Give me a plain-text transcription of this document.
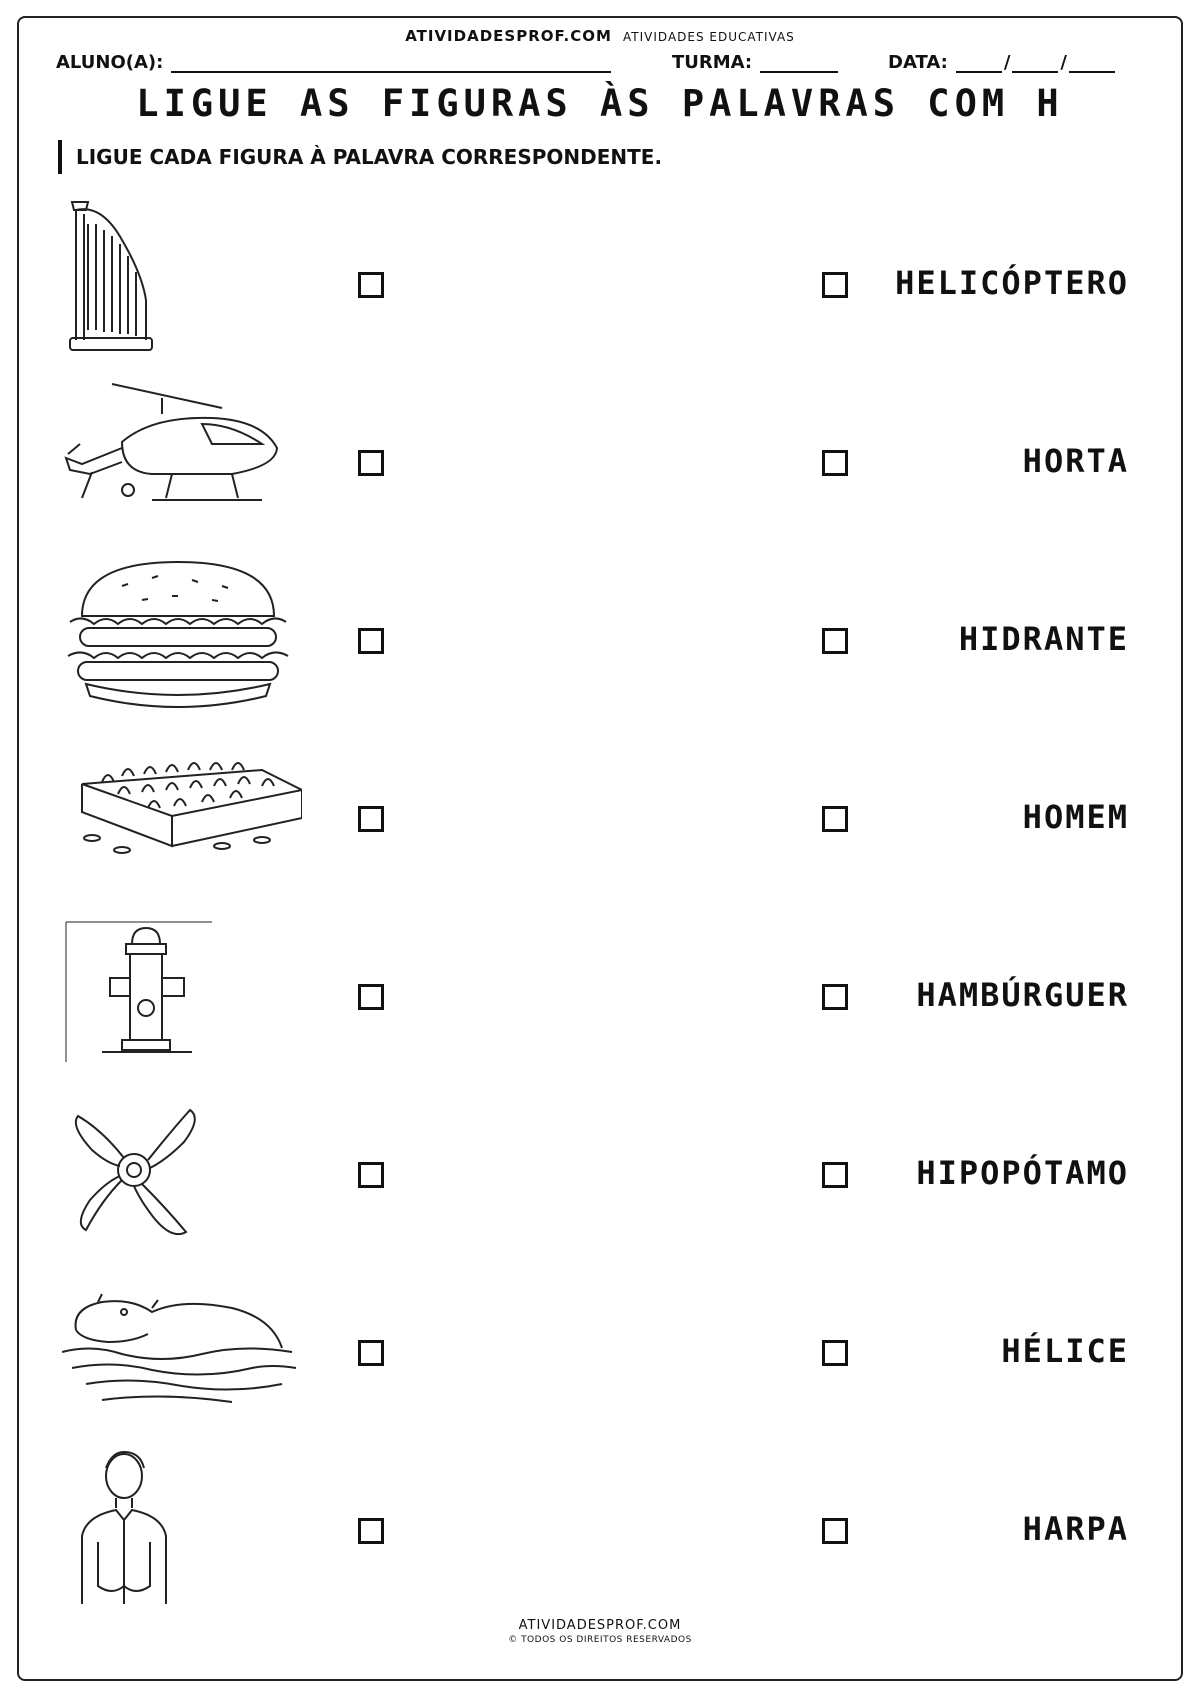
ATIVIDADESPROF.COM ATIVIDADES EDUCATIVAS
ALUNO(A):	TURMA:	DATA:	/	/
LIGUE AS FIGURAS ÀS PALAVRAS COM H
LIGUE CADA FIGURA À PALAVRA CORRESPONDENTE.
HELICÓPTERO
HORTA
HIDRANTE
HOMEM
HAMBÚRGUER
HIPOPÓTAMO
HÉLICE
HARPA
ATIVIDADESPROF.COM
© TODOS OS DIREITOS RESERVADOS
